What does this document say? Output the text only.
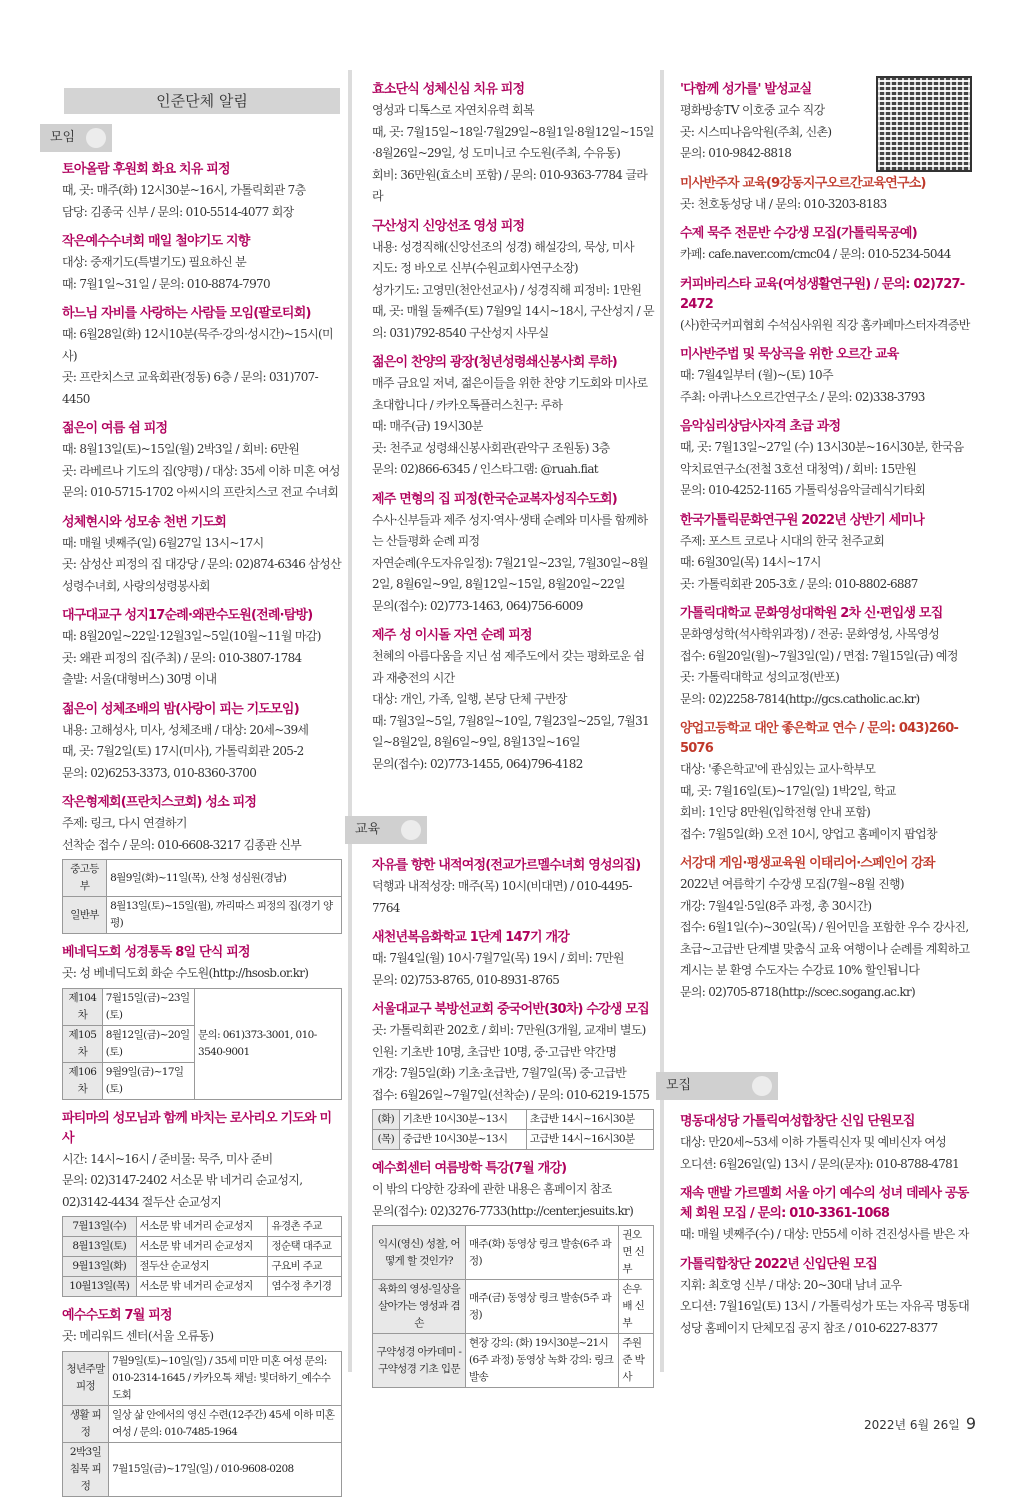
인준단체 알림
모임
교육
모집
토아올람 후원회 화요 치유 피정

때, 곳: 매주(화) 12시30분~16시, 가톨릭회관 7층

담당: 김종국 신부 / 문의: 010-5514-4077 회장

작은예수수녀회 매일 철야기도 지향

대상: 중재기도(특별기도) 필요하신 분

때: 7월1일~31일 / 문의: 010-8874-7970

하느님 자비를 사랑하는 사람들 모임(팔로티회)

때: 6월28일(화) 12시10분(묵주·강의·성시간)~15시(미사)

곳: 프란치스코 교육회관(정동) 6층 / 문의: 031)707-4450

젊은이 여름 쉼 피정

때: 8월13일(토)~15일(월) 2박3일 / 회비: 6만원

곳: 라베르나 기도의 집(양평) / 대상: 35세 이하 미혼 여성

문의: 010-5715-1702 아씨시의 프란치스코 전교 수녀회

성체현시와 성모송 천번 기도회

때: 매월 넷째주(일) 6월27일 13시~17시

곳: 삼성산 피정의 집 대강당 / 문의: 02)874-6346 삼성산성령수녀회, 사랑의성령봉사회

대구대교구 성지17순례·왜관수도원(전례·탐방)

때: 8월20일~22일·12월3일~5일(10월~11월 마감)

곳: 왜관 피정의 집(주최) / 문의: 010-3807-1784

출발: 서울(대형버스) 30명 이내

젊은이 성체조배의 밤(사랑이 피는 기도모임)

내용: 고해성사, 미사, 성체조배 / 대상: 20세~39세

때, 곳: 7월2일(토) 17시(미사), 가톨릭회관 205-2

문의: 02)6253-3373, 010-8360-3700

작은형제회(프란치스코회) 성소 피정

주제: 링크, 다시 연결하기

선착순 접수 / 문의: 010-6608-3217 김종관 신부

중고등부	8월9일(화)~11일(목), 산청 성심원(경남)
일반부	8월13일(토)~15일(월), 까리따스 피정의 집(경기 양평)
베네딕도회 성경통독 8일 단식 피정

곳: 성 베네딕도회 화순 수도원(http://hsosb.or.kr)

제104차	7월15일(금)~23일(토)	문의: 061)373-3001, 010-3540-9001
제105차	8월12일(금)~20일(토)	
제106차	9월9일(금)~17일(토)	
파티마의 성모님과 함께 바치는 로사리오 기도와 미사

시간: 14시~16시 / 준비물: 묵주, 미사 준비

문의: 02)3147-2402 서소문 밖 네거리 순교성지, 02)3142-4434 절두산 순교성지

7월13일(수)	서소문 밖 네거리 순교성지	유경촌 주교
8월13일(토)	서소문 밖 네거리 순교성지	정순택 대주교
9월13일(화)	절두산 순교성지	구요비 주교
10월13일(목)	서소문 밖 네거리 순교성지	염수정 추기경
예수수도회 7월 피정

곳: 메리워드 센터(서울 오류동)

청년주말 피정	7월9일(토)~10일(일) / 35세 미만 미혼 여성 문의: 010-2314-1645 / 카카오톡 채널: 빛더하기_예수수도회
생활 피정	일상 삶 안에서의 영신 수련(12주간) 45세 이하 미혼 여성 / 문의: 010-7485-1964
2박3일 침묵 피정	7월15일(금)~17일(일) / 010-9608-0208
효소단식 성체신심 치유 피정

영성과 디톡스로 자연치유력 회복

때, 곳: 7월15일~18일·7월29일~8월1일·8월12일~15일·8월26일~29일, 성 도미니코 수도원(주최, 수유동)

회비: 36만원(효소비 포함) / 문의: 010-9363-7784 글라라

구산성지 신앙선조 영성 피정

내용: 성경직해(신앙선조의 성경) 해설강의, 묵상, 미사

지도: 정 바오로 신부(수원교회사연구소장)

성가기도: 고영민(천안선교사) / 성경직해 피정비: 1만원

때, 곳: 매월 둘째주(토) 7월9일 14시~18시, 구산성지 / 문의: 031)792-8540 구산성지 사무실

젊은이 찬양의 광장(청년성령쇄신봉사회 루하)

매주 금요일 저녁, 젊은이들을 위한 찬양 기도회와 미사로 초대합니다 / 카카오톡플러스친구: 루하

때: 매주(금) 19시30분

곳: 천주교 성령쇄신봉사회관(관악구 조원동) 3층

문의: 02)866-6345 / 인스타그램: @ruah.fiat

제주 면형의 집 피정(한국순교복자성직수도회)

수사·신부들과 제주 성지·역사·생태 순례와 미사를 함께하는 산들평화 순례 피정

자연순례(우도자유일정): 7월21일~23일, 7월30일~8월2일, 8월6일~9일, 8월12일~15일, 8월20일~22일

문의(접수): 02)773-1463, 064)756-6009

제주 성 이시돌 자연 순례 피정

천혜의 아름다움을 지닌 섬 제주도에서 갖는 평화로운 쉼과 재충전의 시간

대상: 개인, 가족, 일행, 본당 단체 구반장

때: 7월3일~5일, 7월8일~10일, 7월23일~25일, 7월31일~8월2일, 8월6일~9일, 8월13일~16일

문의(접수): 02)773-1455, 064)796-4182

자유를 향한 내적여정(전교가르멜수녀회 영성의집)

덕행과 내적성장: 매주(목) 10시(비대면) / 010-4495-7764

새천년복음화학교 1단계 147기 개강

때: 7월4일(월) 10시·7월7일(목) 19시 / 회비: 7만원

문의: 02)753-8765, 010-8931-8765

서울대교구 북방선교회 중국어반(30차) 수강생 모집

곳: 가톨릭회관 202호 / 회비: 7만원(3개월, 교재비 별도)

인원: 기초반 10명, 초급반 10명, 중·고급반 약간명

개강: 7월5일(화) 기초·초급반, 7월7일(목) 중·고급반

접수: 6월26일~7월7일(선착순) / 문의: 010-6219-1575

(화)	기초반 10시30분~13시	초급반 14시~16시30분
(목)	중급반 10시30분~13시	고급반 14시~16시30분
예수회센터 여름방학 특강(7월 개강)

이 밖의 다양한 강좌에 관한 내용은 홈페이지 참조

문의(접수): 02)3276-7733(http://center.jesuits.kr)

익시(영신) 성찰, 어떻게 할 것인가?	매주(화) 동영상 링크 발송(6주 과정)	권오면 신부
육화의 영성-일상을 살아가는 영성과 겸손	매주(금) 동영상 링크 발송(5주 과정)	손우배 신부
구약성경 아카데미 -구약성경 기초 입문	현장 강의: (화) 19시30분~21시(6주 과정) 동영상 녹화 강의: 링크 발송	주원준 박사
'다함께 성가를' 발성교실

평화방송TV 이호중 교수 직강

곳: 시스띠나음악원(주최, 신촌)

문의: 010-9842-8818

미사반주자 교육(9강동지구오르간교육연구소)

곳: 천호동성당 내 / 문의: 010-3203-8183

수제 묵주 전문반 수강생 모집(가톨릭묵공예)

카페: cafe.naver.com/cmc04 / 문의: 010-5234-5044

커피바리스타 교육(여성생활연구원) / 문의: 02)727-2472

(사)한국커피협회 수석심사위원 직강 홈카페마스터자격증반

미사반주법 및 묵상곡을 위한 오르간 교육

때: 7월4일부터 (월)~(토) 10주

주최: 아퀴나스오르간연구소 / 문의: 02)338-3793

음악심리상담사자격 초급 과정

때, 곳: 7월13일~27일 (수) 13시30분~16시30분, 한국음악치료연구소(전철 3호선 대청역) / 회비: 15만원

문의: 010-4252-1165 가톨릭성음악글레식기타회

한국가톨릭문화연구원 2022년 상반기 세미나

주제: 포스트 코로나 시대의 한국 천주교회

때: 6월30일(목) 14시~17시

곳: 가톨릭회관 205-3호 / 문의: 010-8802-6887

가톨릭대학교 문화영성대학원 2차 신·편입생 모집

문화영성학(석사학위과정) / 전공: 문화영성, 사목영성

접수: 6월20일(월)~7월3일(일) / 면접: 7월15일(금) 예정

곳: 가톨릭대학교 성의교정(반포)

문의: 02)2258-7814(http://gcs.catholic.ac.kr)

양업고등학교 대안 좋은학교 연수 / 문의: 043)260-5076

대상: '좋은학교'에 관심있는 교사·학부모

때, 곳: 7월16일(토)~17일(일) 1박2일, 학교

회비: 1인당 8만원(입학전형 안내 포함)

접수: 7월5일(화) 오전 10시, 양업고 홈페이지 팝업창

서강대 게임·평생교육원 이태리어·스페인어 강좌

2022년 여름학기 수강생 모집(7월~8월 진행)

개강: 7월4일·5일(8주 과정, 총 30시간)

접수: 6월1일(수)~30일(목) / 원어민을 포함한 우수 강사진, 초급~고급반 단계별 맞춤식 교육 여행이나 순례를 계획하고 계시는 분 환영 수도자는 수강료 10% 할인됩니다

문의: 02)705-8718(http://scec.sogang.ac.kr)

명동대성당 가톨릭여성합창단 신입 단원모집

대상: 만20세~53세 이하 가톨릭신자 및 예비신자 여성

오디션: 6월26일(일) 13시 / 문의(문자): 010-8788-4781

재속 맨발 가르멜회 서울 아기 예수의 성녀 데레사 공동체 회원 모집 / 문의: 010-3361-1068

때: 매월 넷째주(수) / 대상: 만55세 이하 견진성사를 받은 자

가톨릭합창단 2022년 신입단원 모집

지휘: 최호영 신부 / 대상: 20~30대 남녀 교우

오디션: 7월16일(토) 13시 / 가톨릭성가 또는 자유곡 명동대성당 홈페이지 단체모집 공지 참조 / 010-6227-8377

2022년 6월 26일 9
